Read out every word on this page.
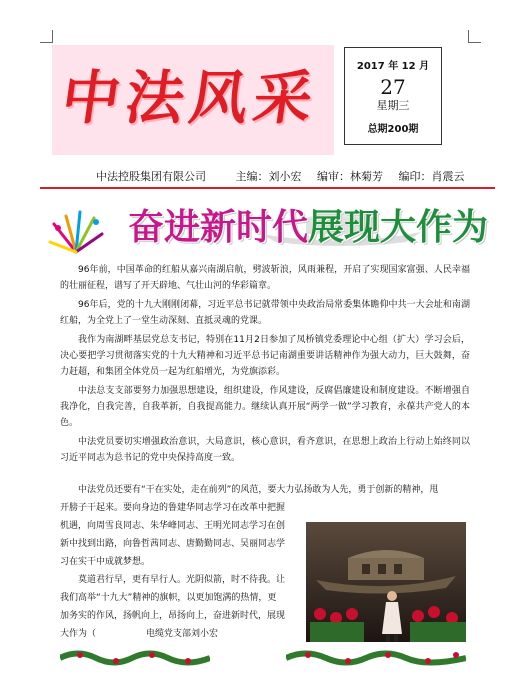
中法风采	2017 年 12 月
27
星期三
总期200期
中法控股集团有限公司	主编：刘小宏 编审：林菊芳 编印：肖震云
奋进新时代 展现大作为

96年前，中国革命的红船从嘉兴南湖启航，劈波斩浪，风雨兼程，开启了实现国家富强、人民幸福的壮丽征程，谱写了开天辟地、气壮山河的华彩篇章。

96年后，党的十九大刚刚闭幕，习近平总书记就带领中央政治局常委集体瞻仰中共一大会址和南湖红船，为全党上了一堂生动深刻、直抵灵魂的党课。

我作为南湖畔基层党总支书记，特别在11月2日参加了凤桥镇党委理论中心组（扩大）学习会后，决心要把学习贯彻落实党的十九大精神和习近平总书记南湖重要讲话精神作为强大动力，巨大鼓舞，奋力赶超，和集团全体党员一起为红船增光，为党旗添彩。

中法总支支部要努力加强思想建设，组织建设，作风建设，反腐倡廉建设和制度建设。不断增强自我净化，自我完善，自我革新，自我提高能力。继续认真开展“两学一做”学习教育，永葆共产党人的本色。

中法党员要切实增强政治意识，大局意识，核心意识，看齐意识，在思想上政治上行动上始终同以习近平同志为总书记的党中央保持高度一致。

中法党员还要有“干在实处，走在前列”的风范，要大力弘扬敢为人先，勇于创新的精神，甩
开膀子干起来。要向身边的鲁建华同志学习在改革中把握
机遇，向周雪良同志、朱华峰同志、王明光同志学习在创
新中找到出路，向鲁哲茜同志、唐勤勤同志、吴丽同志学
习在实干中成就梦想。
莫道君行早，更有早行人。光阴似箭，时不待我。让
我们高举“十九大”精神的旗帜，以更加饱满的热情，更
加务实的作风，扬帆向上，昂扬向上，奋进新时代，展现
大作为（	电缆党支部刘小宏
